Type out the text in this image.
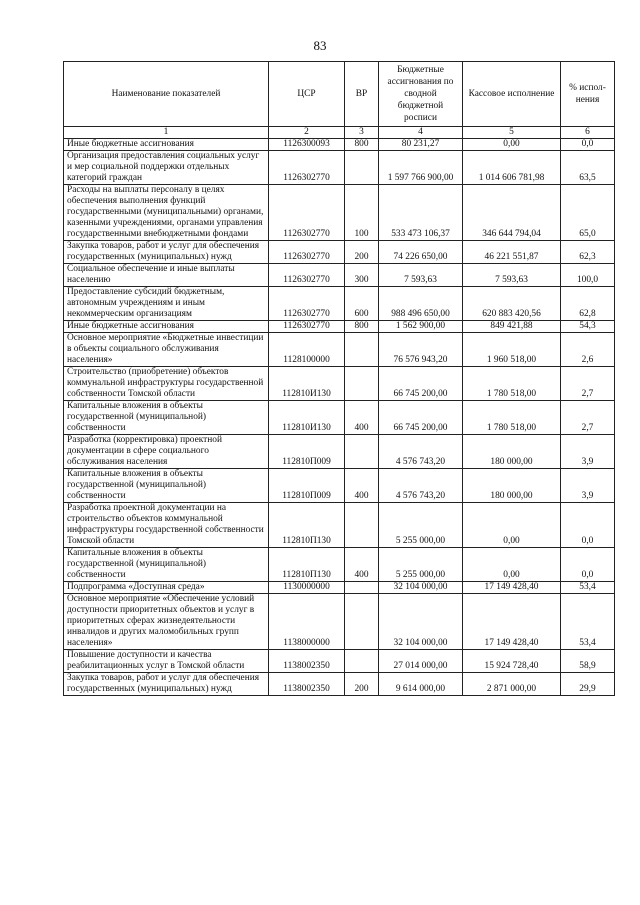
83
Наименование показателей	ЦСР	ВР	Бюджетные ассигнования по сводной бюджетной росписи	Кассовое исполнение	% испол-нения
1	2	3	4	5	6
Иные бюджетные ассигнования	1126300093	800	80 231,27	0,00	0,0
Организация предоставления социальных услуг и мер социальной поддержки отдельных категорий граждан	1126302770		1 597 766 900,00	1 014 606 781,98	63,5
Расходы на выплаты персоналу в целях обеспечения выполнения функций государственными (муниципальными) органами, казенными учреждениями, органами управления государственными внебюджетными фондами	1126302770	100	533 473 106,37	346 644 794,04	65,0
Закупка товаров, работ и услуг для обеспечения государственных (муниципальных) нужд	1126302770	200	74 226 650,00	46 221 551,87	62,3
Социальное обеспечение и иные выплаты населению	1126302770	300	7 593,63	7 593,63	100,0
Предоставление субсидий бюджетным, автономным учреждениям и иным некоммерческим организациям	1126302770	600	988 496 650,00	620 883 420,56	62,8
Иные бюджетные ассигнования	1126302770	800	1 562 900,00	849 421,88	54,3
Основное мероприятие «Бюджетные инвестиции в объекты социального обслуживания населения»	1128100000		76 576 943,20	1 960 518,00	2,6
Строительство (приобретение) объектов коммунальной инфраструктуры государственной собственности Томской области	112810И130		66 745 200,00	1 780 518,00	2,7
Капитальные вложения в объекты государственной (муниципальной) собственности	112810И130	400	66 745 200,00	1 780 518,00	2,7
Разработка (корректировка) проектной документации в сфере социального обслуживания населения	112810П009		4 576 743,20	180 000,00	3,9
Капитальные вложения в объекты государственной (муниципальной) собственности	112810П009	400	4 576 743,20	180 000,00	3,9
Разработка проектной документации на строительство объектов коммунальной инфраструктуры государственной собственности Томской области	112810П130		5 255 000,00	0,00	0,0
Капитальные вложения в объекты государственной (муниципальной) собственности	112810П130	400	5 255 000,00	0,00	0,0
Подпрограмма «Доступная среда»	1130000000		32 104 000,00	17 149 428,40	53,4
Основное мероприятие «Обеспечение условий доступности приоритетных объектов и услуг в приоритетных сферах жизнедеятельности инвалидов и других маломобильных групп населения»	1138000000		32 104 000,00	17 149 428,40	53,4
Повышение доступности и качества реабилитационных услуг в Томской области	1138002350		27 014 000,00	15 924 728,40	58,9
Закупка товаров, работ и услуг для обеспечения государственных (муниципальных) нужд	1138002350	200	9 614 000,00	2 871 000,00	29,9
